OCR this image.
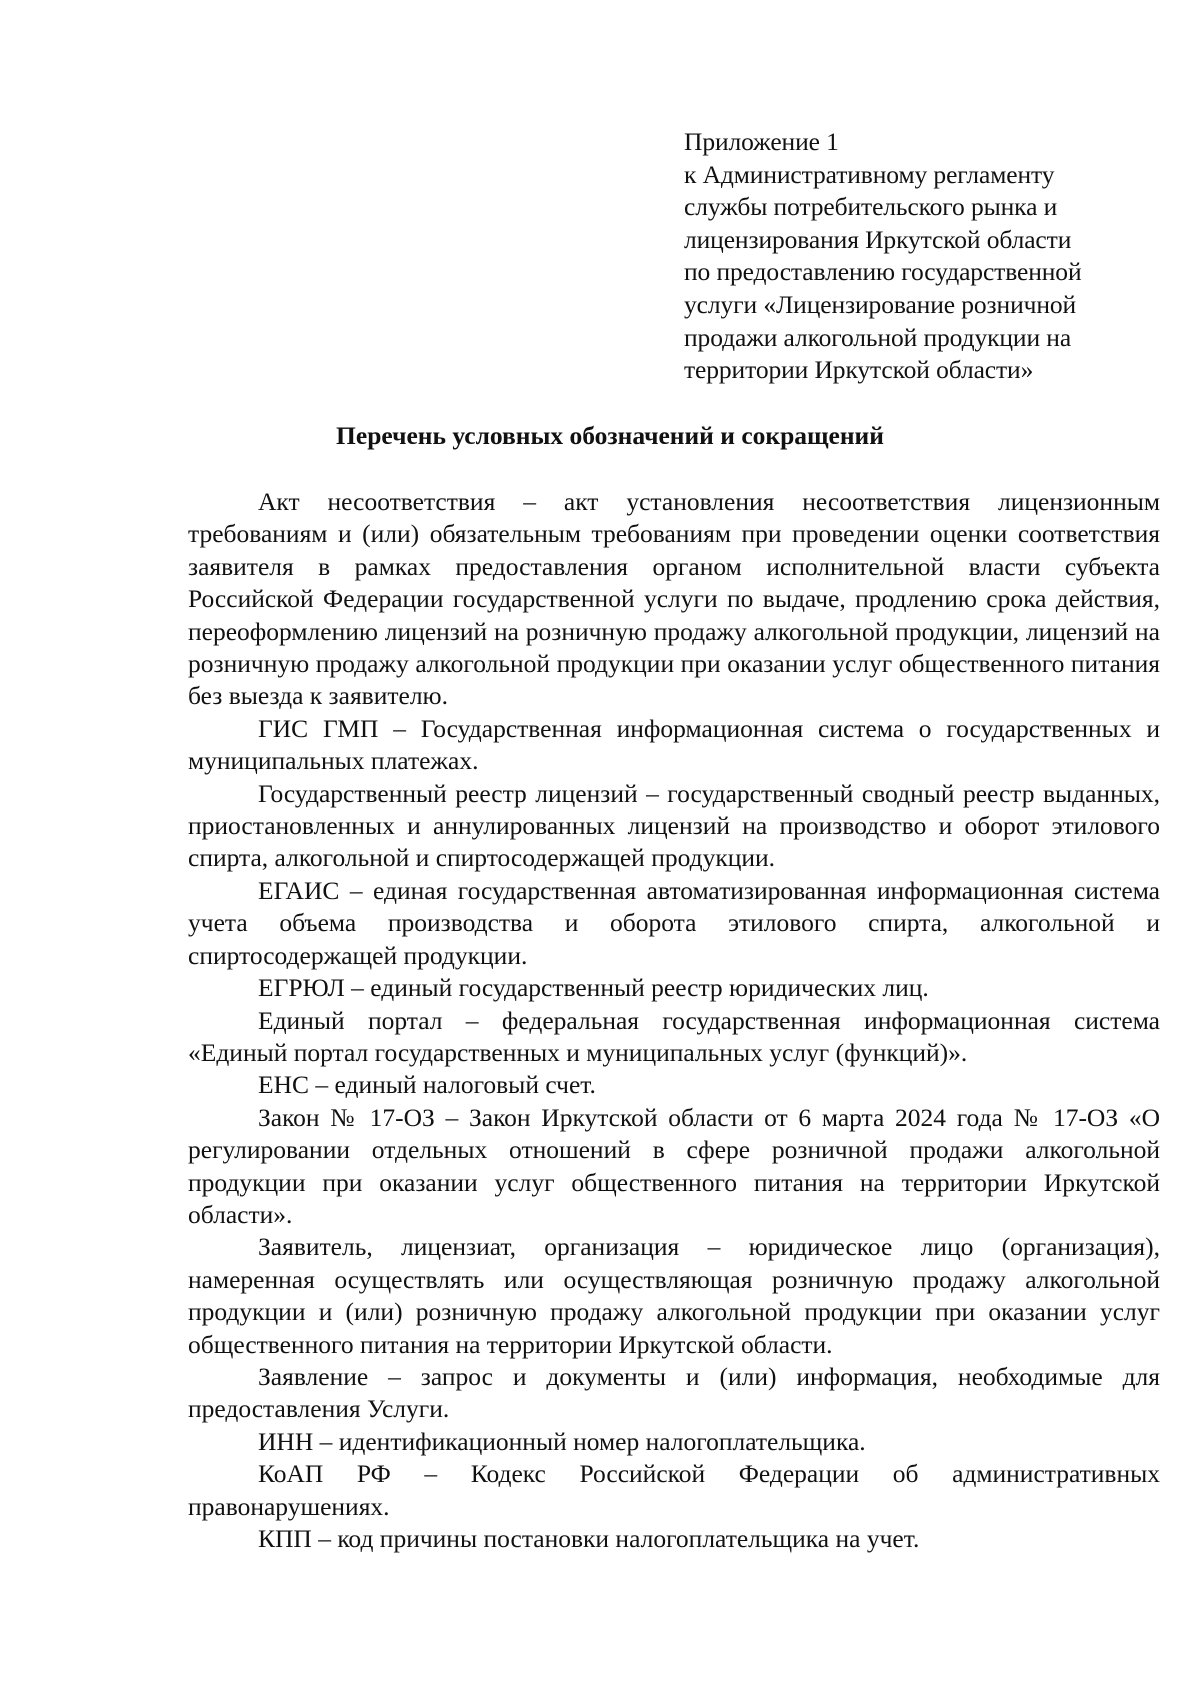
Приложение 1
к Административному регламенту
службы потребительского рынка и
лицензирования Иркутской области
по предоставлению государственной
услуги «Лицензирование розничной
продажи алкогольной продукции на
территории Иркутской области»
Перечень условных обозначений и сокращений

Акт несоответствия – акт установления несоответствия лицензионным требованиям и (или) обязательным требованиям при проведении оценки соответствия заявителя в рамках предоставления органом исполнительной власти субъекта Российской Федерации государственной услуги по выдаче, продлению срока действия, переоформлению лицензий на розничную продажу алкогольной продукции, лицензий на розничную продажу алкогольной продукции при оказании услуг общественного питания без выезда к заявителю.

ГИС ГМП – Государственная информационная система о государственных и муниципальных платежах.

Государственный реестр лицензий – государственный сводный реестр выданных, приостановленных и аннулированных лицензий на производство и оборот этилового спирта, алкогольной и спиртосодержащей продукции.

ЕГАИС – единая государственная автоматизированная информационная система учета объема производства и оборота этилового спирта, алкогольной и спиртосодержащей продукции.

ЕГРЮЛ – единый государственный реестр юридических лиц.

Единый портал – федеральная государственная информационная система «Единый портал государственных и муниципальных услуг (функций)».

ЕНС – единый налоговый счет.

Закон № 17-ОЗ – Закон Иркутской области от 6 марта 2024 года № 17-ОЗ «О регулировании отдельных отношений в сфере розничной продажи алкогольной продукции при оказании услуг общественного питания на территории Иркутской области».

Заявитель, лицензиат, организация – юридическое лицо (организация), намеренная осуществлять или осуществляющая розничную продажу алкогольной продукции и (или) розничную продажу алкогольной продукции при оказании услуг общественного питания на территории Иркутской области.

Заявление – запрос и документы и (или) информация, необходимые для предоставления Услуги.

ИНН – идентификационный номер налогоплательщика.

КоАП РФ – Кодекс Российской Федерации об административных правонарушениях.

КПП – код причины постановки налогоплательщика на учет.
